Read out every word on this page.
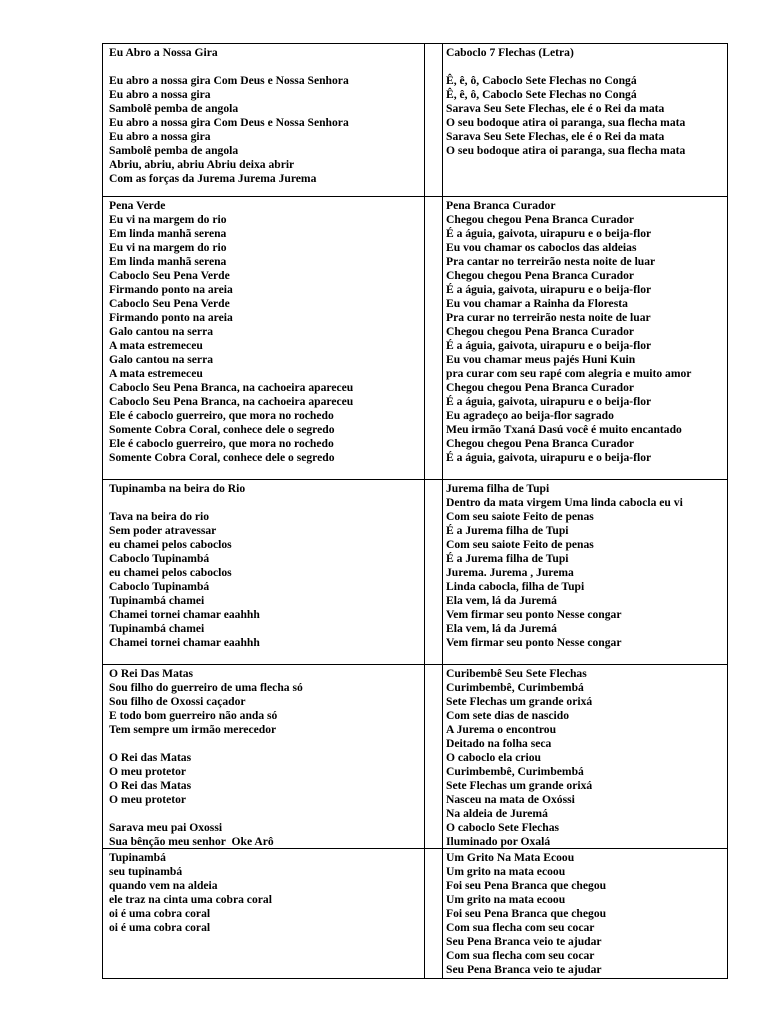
Eu Abro a Nossa Gira
Eu abro a nossa gira Com Deus e Nossa Senhora
Eu abro a nossa gira
Sambolê pemba de angola
Eu abro a nossa gira Com Deus e Nossa Senhora
Eu abro a nossa gira
Sambolê pemba de angola
Abriu, abriu, abriu Abriu deixa abrir
Com as forças da Jurema Jurema Jurema
Caboclo 7 Flechas (Letra)
Ê, ê, ô, Caboclo Sete Flechas no Congá
Ê, ê, ô, Caboclo Sete Flechas no Congá
Sarava Seu Sete Flechas, ele é o Rei da mata
O seu bodoque atira oi paranga, sua flecha mata
Sarava Seu Sete Flechas, ele é o Rei da mata
O seu bodoque atira oi paranga, sua flecha mata
Pena Verde
Eu vi na margem do rio
Em linda manhã serena
Eu vi na margem do rio
Em linda manhã serena
Caboclo Seu Pena Verde
Firmando ponto na areia
Caboclo Seu Pena Verde
Firmando ponto na areia
Galo cantou na serra
A mata estremeceu
Galo cantou na serra
A mata estremeceu
Caboclo Seu Pena Branca, na cachoeira apareceu
Caboclo Seu Pena Branca, na cachoeira apareceu
Ele é caboclo guerreiro, que mora no rochedo
Somente Cobra Coral, conhece dele o segredo
Ele é caboclo guerreiro, que mora no rochedo
Somente Cobra Coral, conhece dele o segredo
Pena Branca Curador
Chegou chegou Pena Branca Curador
É a águia, gaivota, uirapuru e o beija-flor
Eu vou chamar os caboclos das aldeias
Pra cantar no terreirão nesta noite de luar
Chegou chegou Pena Branca Curador
É a águia, gaivota, uirapuru e o beija-flor
Eu vou chamar a Rainha da Floresta
Pra curar no terreirão nesta noite de luar
Chegou chegou Pena Branca Curador
É a águia, gaivota, uirapuru e o beija-flor
Eu vou chamar meus pajés Huni Kuin
pra curar com seu rapé com alegria e muito amor
Chegou chegou Pena Branca Curador
É a águia, gaivota, uirapuru e o beija-flor
Eu agradeço ao beija-flor sagrado
Meu irmão Txaná Dasú você é muito encantado
Chegou chegou Pena Branca Curador
É a águia, gaivota, uirapuru e o beija-flor
Tupinamba na beira do Rio
Tava na beira do rio
Sem poder atravessar
eu chamei pelos caboclos
Caboclo Tupinambá
eu chamei pelos caboclos
Caboclo Tupinambá
Tupinambá chamei
Chamei tornei chamar eaahhh
Tupinambá chamei
Chamei tornei chamar eaahhh
Jurema filha de Tupi
Dentro da mata virgem Uma linda cabocla eu vi
Com seu saiote Feito de penas
É a Jurema filha de Tupi
Com seu saiote Feito de penas
É a Jurema filha de Tupi
Jurema. Jurema , Jurema
Linda cabocla, filha de Tupi
Ela vem, lá da Juremá
Vem firmar seu ponto Nesse congar
Ela vem, lá da Juremá
Vem firmar seu ponto Nesse congar
O Rei Das Matas
Sou filho do guerreiro de uma flecha só
Sou filho de Oxossi caçador
E todo bom guerreiro não anda só
Tem sempre um irmão merecedor
O Rei das Matas
O meu protetor
O Rei das Matas
O meu protetor
Sarava meu pai Oxossi
Sua bênção meu senhor  Oke Arô
Curibembê Seu Sete Flechas
Curimbembê, Curimbembá
Sete Flechas um grande orixá
Com sete dias de nascido
A Jurema o encontrou
Deitado na folha seca
O caboclo ela criou
Curimbembê, Curimbembá
Sete Flechas um grande orixá
Nasceu na mata de Oxóssi
Na aldeia de Juremá
O caboclo Sete Flechas
Iluminado por Oxalá
Tupinambá
seu tupinambá
quando vem na aldeia
ele traz na cinta uma cobra coral
oi é uma cobra coral
oi é uma cobra coral
Um Grito Na Mata Ecoou
Um grito na mata ecoou
Foi seu Pena Branca que chegou
Um grito na mata ecoou
Foi seu Pena Branca que chegou
Com sua flecha com seu cocar
Seu Pena Branca veio te ajudar
Com sua flecha com seu cocar
Seu Pena Branca veio te ajudar
